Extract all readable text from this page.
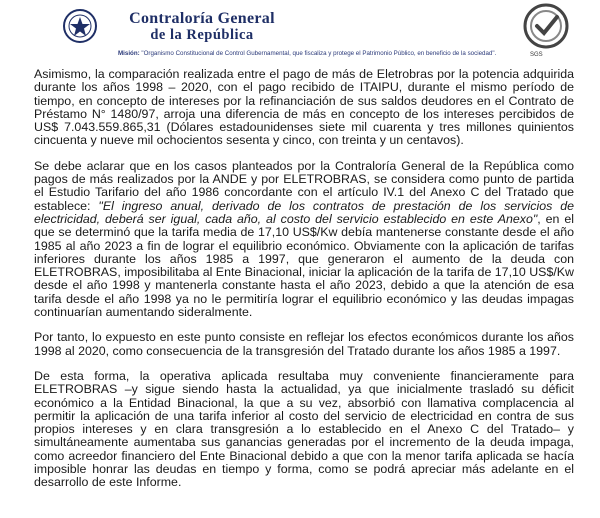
Contraloría General
de la República
Misión: "Organismo Constitucional de Control Gubernamental, que fiscaliza y protege el Patrimonio Público, en beneficio de la sociedad".	SGS

Asimismo, la comparación realizada entre el pago de más de Eletrobras por la potencia adquirida durante los años 1998 – 2020, con el pago recibido de ITAIPU, durante el mismo período de tiempo, en concepto de intereses por la refinanciación de sus saldos deudores en el Contrato de Préstamo N° 1480/97, arroja una diferencia de más en concepto de los intereses percibidos de US$ 7.043.559.865,31 (Dólares estadounidenses siete mil cuarenta y tres millones quinientos cincuenta y nueve mil ochocientos sesenta y cinco, con treinta y un centavos).

Se debe aclarar que en los casos planteados por la Contraloría General de la República como pagos de más realizados por la ANDE y por ELETROBRAS, se considera como punto de partida el Estudio Tarifario del año 1986 concordante con el artículo IV.1 del Anexo C del Tratado que establece: "El ingreso anual, derivado de los contratos de prestación de los servicios de electricidad, deberá ser igual, cada año, al costo del servicio establecido en este Anexo", en el que se determinó que la tarifa media de 17,10 US$/Kw debía mantenerse constante desde el año 1985 al año 2023 a fin de lograr el equilibrio económico. Obviamente con la aplicación de tarifas inferiores durante los años 1985 a 1997, que generaron el aumento de la deuda con ELETROBRAS, imposibilitaba al Ente Binacional, iniciar la aplicación de la tarifa de 17,10 US$/Kw desde el año 1998 y mantenerla constante hasta el año 2023, debido a que la atención de esa tarifa desde el año 1998 ya no le permitiría lograr el equilibrio económico y las deudas impagas continuarían aumentando sideralmente.

Por tanto, lo expuesto en este punto consiste en reflejar los efectos económicos durante los años 1998 al 2020, como consecuencia de la transgresión del Tratado durante los años 1985 a 1997.

De esta forma, la operativa aplicada resultaba muy conveniente financieramente para ELETROBRAS –y sigue siendo hasta la actualidad, ya que inicialmente trasladó su déficit económico a la Entidad Binacional, la que a su vez, absorbió con llamativa complacencia al permitir la aplicación de una tarifa inferior al costo del servicio de electricidad en contra de sus propios intereses y en clara transgresión a lo establecido en el Anexo C del Tratado– y simultáneamente aumentaba sus ganancias generadas por el incremento de la deuda impaga, como acreedor financiero del Ente Binacional debido a que con la menor tarifa aplicada se hacía imposible honrar las deudas en tiempo y forma, como se podrá apreciar más adelante en el desarrollo de este Informe.
